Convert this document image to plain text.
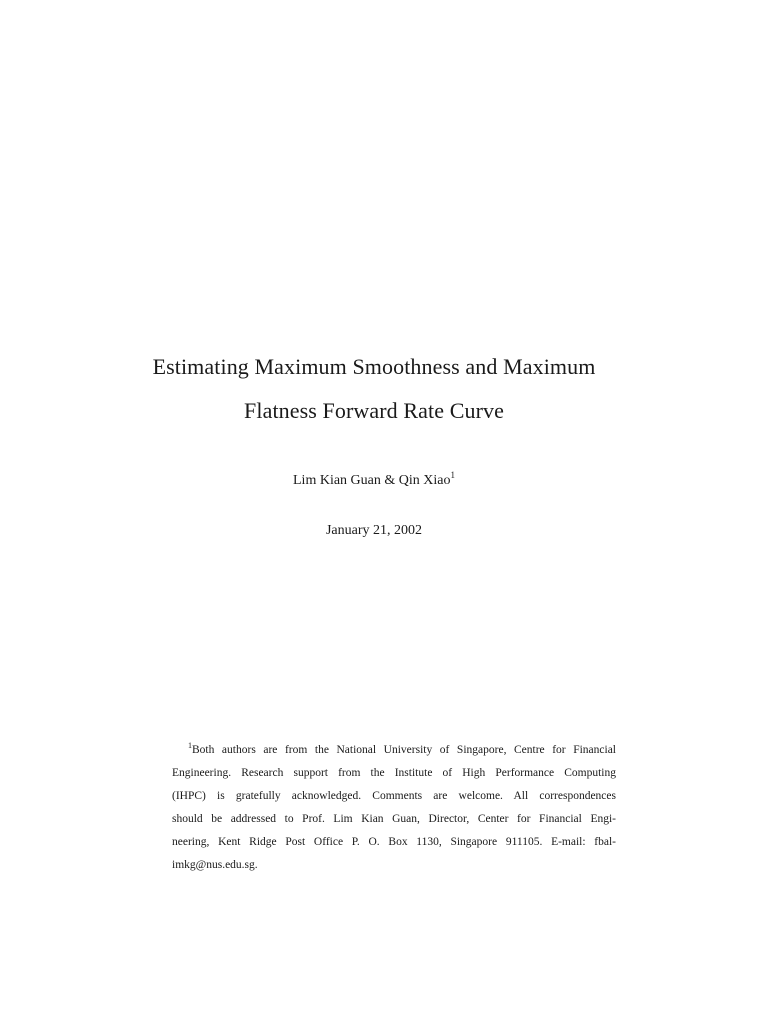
Estimating Maximum Smoothness and Maximum
Flatness Forward Rate Curve
Lim Kian Guan & Qin Xiao$^1$
January 21, 2002
$^1$Both authors are from the National University of Singapore, Centre for Financial
Engineering. Research support from the Institute of High Performance Computing
(IHPC) is gratefully acknowledged. Comments are welcome. All correspondences
should be addressed to Prof. Lim Kian Guan, Director, Center for Financial Engi-
neering, Kent Ridge Post Office P. O. Box 1130, Singapore 911105. E-mail: fbal-
imkg@nus.edu.sg.
